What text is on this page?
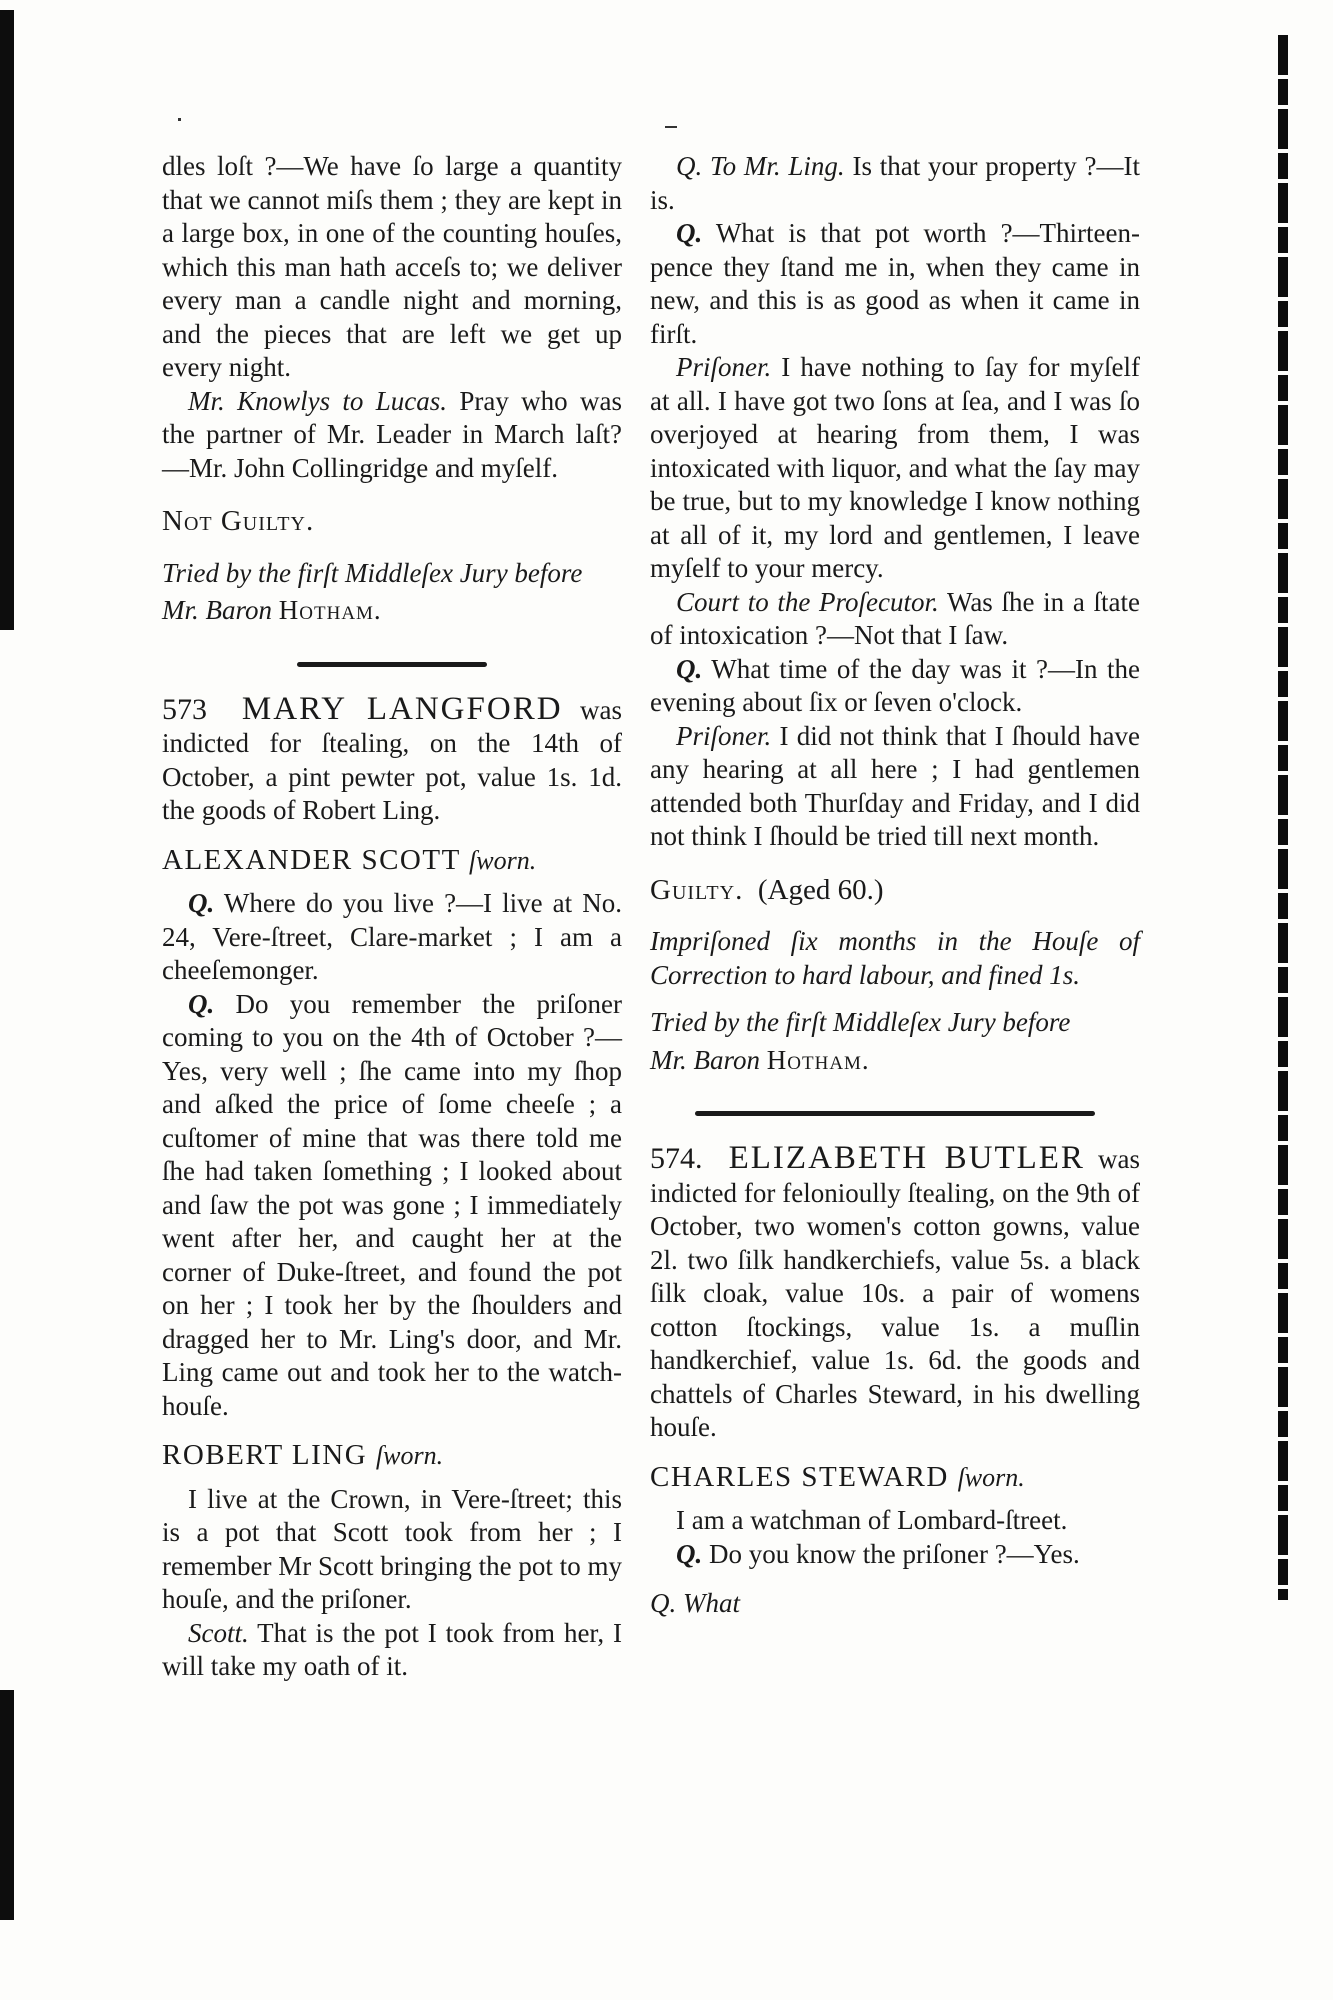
dles loſt ?—We have ſo large a quantity that we cannot miſs them ; they are kept in a large box, in one of the counting houſes, which this man hath acceſs to; we deliver every man a candle night and morning, and the pieces that are left we get up every night.

Mr. Knowlys to Lucas. Pray who was the partner of Mr. Leader in March laſt? —Mr. John Collingridge and myſelf.

Not Guilty.

Tried by the firſt Middleſex Jury before

Mr. Baron Hotham.

573 MARY LANGFORD was indicted for ſtealing, on the 14th of October, a pint pewter pot, value 1s. 1d. the goods of Robert Ling.

ALEXANDER SCOTT ſworn.

Q. Where do you live ?—I live at No. 24, Vere-ſtreet, Clare-market ; I am a cheeſemonger.

Q. Do you remember the priſoner coming to you on the 4th of October ?—Yes, very well ; ſhe came into my ſhop and aſked the price of ſome cheeſe ; a cuſtomer of mine that was there told me ſhe had taken ſomething ; I looked about and ſaw the pot was gone ; I immediately went after her, and caught her at the corner of Duke-ſtreet, and found the pot on her ; I took her by the ſhoulders and dragged her to Mr. Ling's door, and Mr. Ling came out and took her to the watch-houſe.

ROBERT LING ſworn.

I live at the Crown, in Vere-ſtreet; this is a pot that Scott took from her ; I remember Mr Scott bringing the pot to my houſe, and the priſoner.

Scott. That is the pot I took from her, I will take my oath of it.

Q. To Mr. Ling. Is that your property ?—It is.

Q. What is that pot worth ?—Thirteen-pence they ſtand me in, when they came in new, and this is as good as when it came in firſt.

Priſoner. I have nothing to ſay for myſelf at all. I have got two ſons at ſea, and I was ſo overjoyed at hearing from them, I was intoxicated with liquor, and what the ſay may be true, but to my knowledge I know nothing at all of it, my lord and gentlemen, I leave myſelf to your mercy.

Court to the Proſecutor. Was ſhe in a ſtate of intoxication ?—Not that I ſaw.

Q. What time of the day was it ?—In the evening about ſix or ſeven o'clock.

Priſoner. I did not think that I ſhould have any hearing at all here ; I had gentlemen attended both Thurſday and Friday, and I did not think I ſhould be tried till next month.

Guilty. (Aged 60.)

Impriſoned ſix months in the Houſe of Correction to hard labour, and fined 1s.

Tried by the firſt Middleſex Jury before

Mr. Baron Hotham.

574. ELIZABETH BUTLER was indicted for felonioully ſtealing, on the 9th of October, two women's cotton gowns, value 2l. two ſilk handkerchiefs, value 5s. a black ſilk cloak, value 10s. a pair of womens cotton ſtockings, value 1s. a muſlin handkerchief, value 1s. 6d. the goods and chattels of Charles Steward, in his dwelling houſe.

CHARLES STEWARD ſworn.

I am a watchman of Lombard-ſtreet.

Q. Do you know the priſoner ?—Yes.

Q. What
